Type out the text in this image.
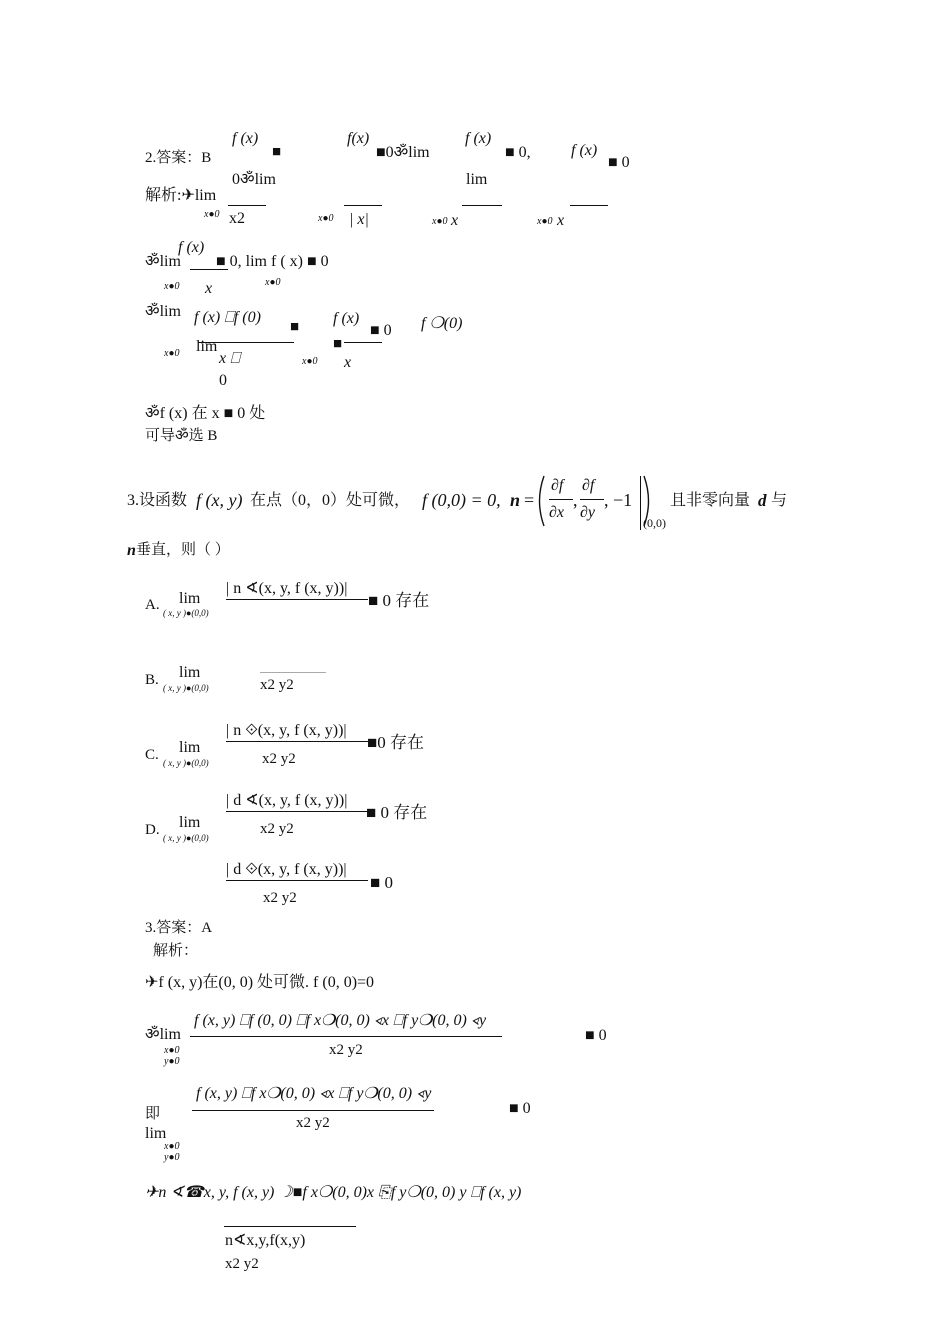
f (x)
■
f(x)
■0ॐlim
f (x)
■ 0,	f (x)
■ 0
2.答案：B
0ॐlim	lim
解析:✈lim
x●0 x2	x●0 | x|	x●0 x	x●0 x
f (x)
ॐlim ■ 0, lim f ( x) ■ 0
x●0 x	x●0
ॐlim f (x) ⎕f (0)
■ f (x)
■ 0 f ❍(0)
lim	■
x●0 x ⎕	x●0 x
0
ॐf (x) 在 x ■ 0 处
可导ॐ选 B
3.设函数 f (x, y) 在点（0，0）处可微， f (0,0) = 0, n =
∂f
∂x
,
∂f
∂y
, −1
(0,0)
且非零向量 d 与
n 垂直，则（ ）
| n ∢(x, y, f (x, y))|
■ 0 存在
lim
A. ( x, y )●(0,0)
lim
B.	x2 y2
( x, y )●(0,0)
| n ⟐(x, y, f (x, y))|
■0 存在
lim
C.	x2 y2
( x, y )●(0,0)
| d ∢(x, y, f (x, y))|
■ 0 存在
lim	x2 y2
D. ( x, y )●(0,0)
| d ⟐(x, y, f (x, y))|
■ 0
x2 y2
3.答案：A
解析：
✈f (x, y)在(0, 0) 处可微. f (0, 0)=0
f (x, y) ⎕f (0, 0) ⎕f x❍(0, 0) ∢x ⎕f y❍(0, 0) ∢y
ॐlim	■ 0
x●0	x2 y2
y●0
f (x, y) ⎕f x❍(0, 0) ∢x ⎕f y❍(0, 0) ∢y
■ 0
即
x2 y2
lim
x●0
y●0
✈n ∢☎x, y, f (x, y) ☽■f x❍(0, 0)x ⎘f y❍(0, 0) y ⎕f (x, y)
n∢x,y,f(x,y)
x2 y2
